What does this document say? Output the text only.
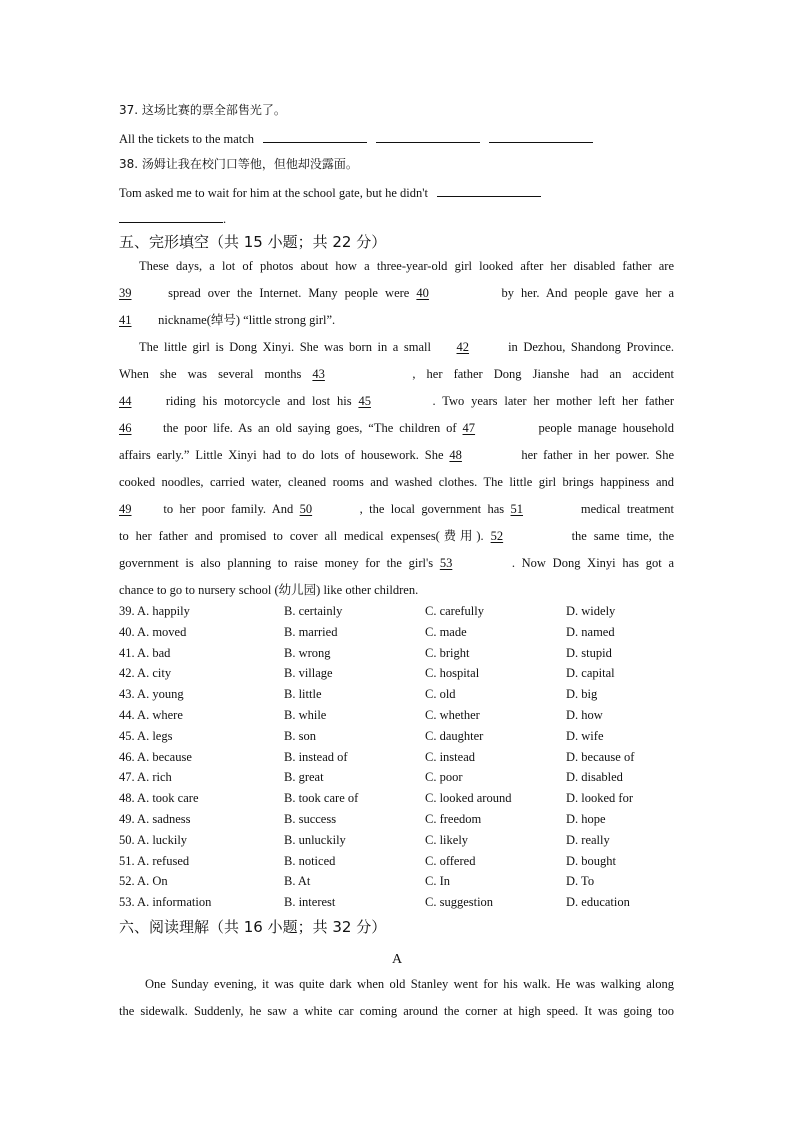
37. 这场比赛的票全部售光了。
All the tickets to the match
38. 汤姆让我在校门口等他，但他却没露面。
Tom asked me to wait for him at the school gate, but he didn't
.
五、完形填空（共 15 小题；共 22 分）
These days, a lot of photos about how a three-year-old girl looked after her disabled father are
39	spread over the Internet. Many people were 40	by her. And people gave her a
41 nickname(绰号) “little strong girl”.
The little girl is Dong Xinyi. She was born in a small 42	in Dezhou, Shandong Province.
When she was several months 43	, her father Dong Jianshe had an accident
44	riding his motorcycle and lost his 45	. Two years later her mother left her father
46	the poor life. As an old saying goes, “The children of 47	people manage household
affairs early.” Little Xinyi had to do lots of housework. She 48	her father in her power. She
cooked noodles, carried water, cleaned rooms and washed clothes. The little girl brings happiness and
49	to her poor family. And 50	, the local government has 51	medical treatment
to her father and promised to cover all medical expenses(费用). 52	the same time, the
government is also planning to raise money for the girl's 53	. Now Dong Xinyi has got a
chance to go to nursery school (幼儿园) like other children.
39. A. happily	B. certainly	C. carefully	D. widely
40. A. moved	B. married	C. made	D. named
41. A. bad	B. wrong	C. bright	D. stupid
42. A. city	B. village	C. hospital	D. capital
43. A. young	B. little	C. old	D. big
44. A. where	B. while	C. whether	D. how
45. A. legs	B. son	C. daughter	D. wife
46. A. because	B. instead of	C. instead	D. because of
47. A. rich	B. great	C. poor	D. disabled
48. A. took care	B. took care of	C. looked around	D. looked for
49. A. sadness	B. success	C. freedom	D. hope
50. A. luckily	B. unluckily	C. likely	D. really
51. A. refused	B. noticed	C. offered	D. bought
52. A. On	B. At	C. In	D. To
53. A. information	B. interest	C. suggestion	D. education
六、阅读理解（共 16 小题；共 32 分）
A
One Sunday evening, it was quite dark when old Stanley went for his walk. He was walking along
the sidewalk. Suddenly, he saw a white car coming around the corner at high speed. It was going too
